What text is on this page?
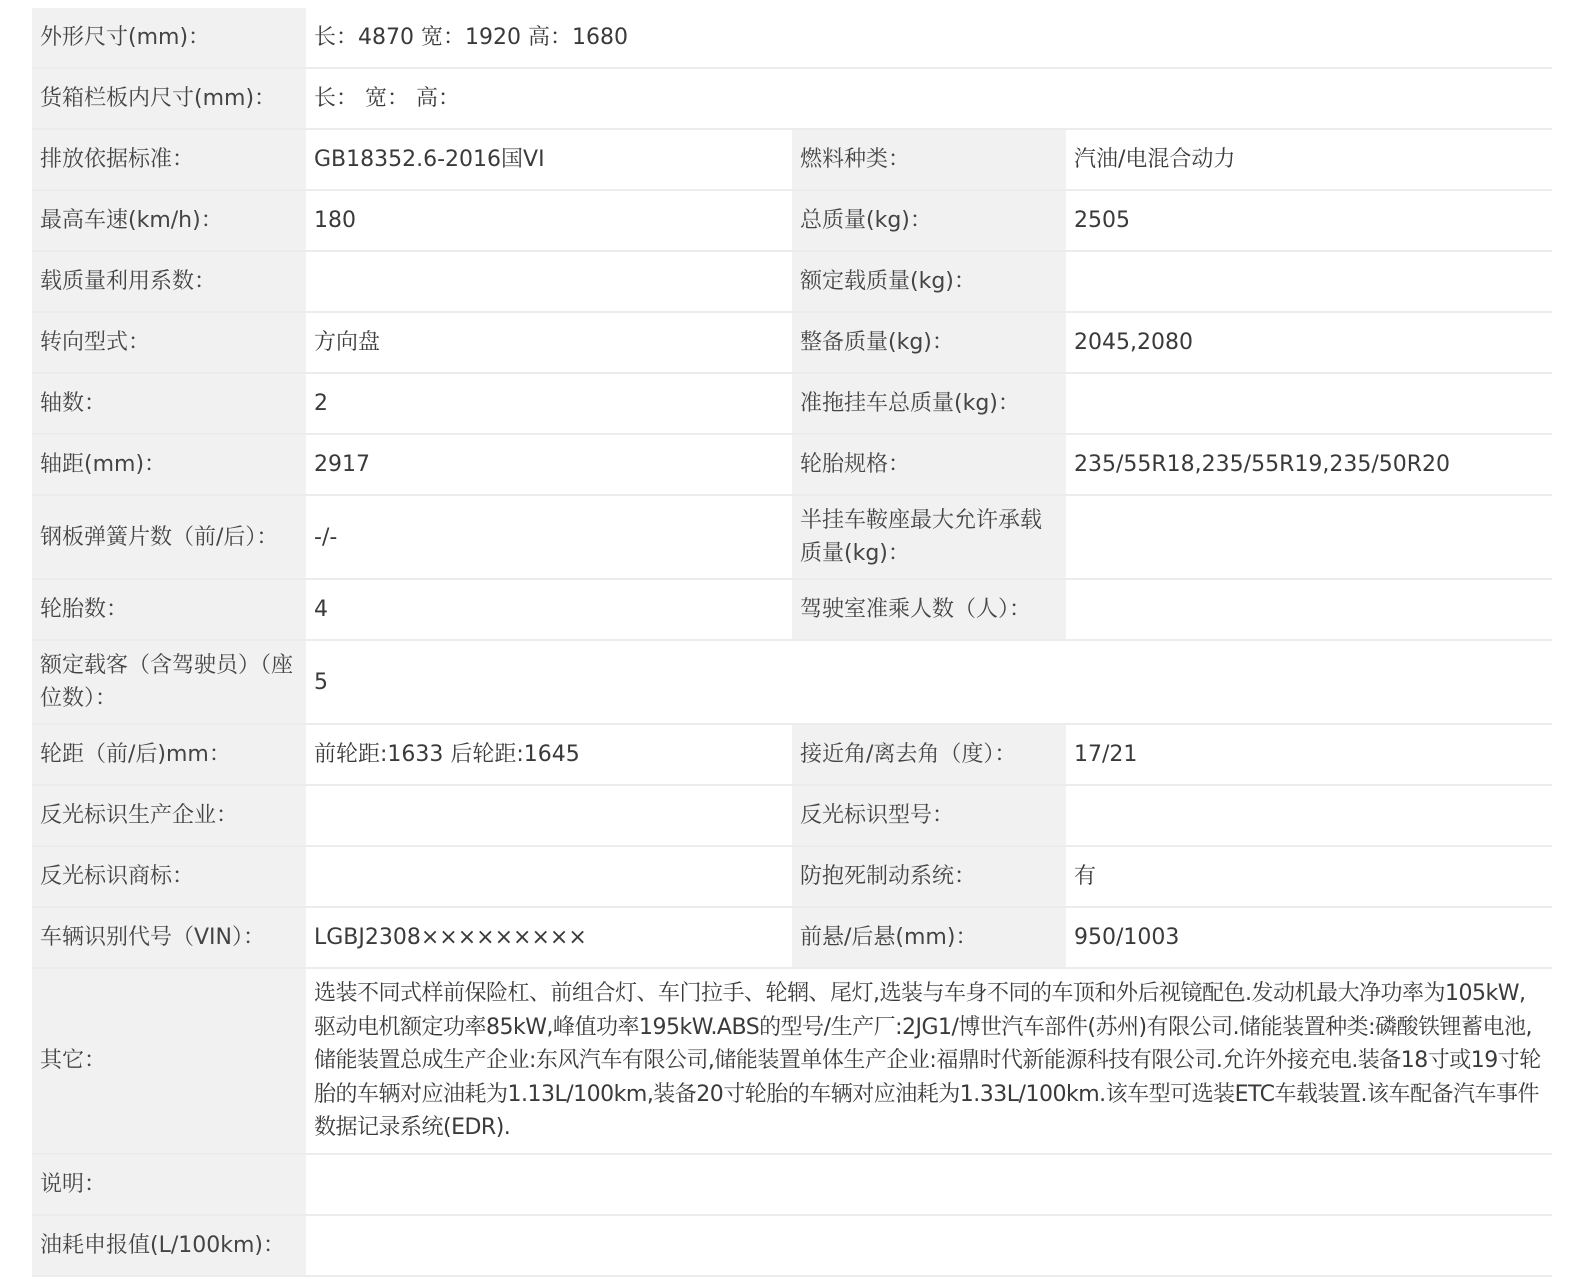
外形尺寸(mm)：	长：4870 宽：1920 高：1680		
货箱栏板内尺寸(mm)：	长： 宽： 高：		
排放依据标准：	GB18352.6-2016国VI	燃料种类：	汽油/电混合动力
最高车速(km/h)：	180	总质量(kg)：	2505
载质量利用系数：		额定载质量(kg)：	
转向型式：	方向盘	整备质量(kg)：	2045,2080
轴数：	2	准拖挂车总质量(kg)：	
轴距(mm)：	2917	轮胎规格：	235/55R18,235/55R19,235/50R20
钢板弹簧片数（前/后）：	-/-	半挂车鞍座最大允许承载质量(kg)：	
轮胎数：	4	驾驶室准乘人数（人）：	
额定载客（含驾驶员）（座位数）：	5		
轮距（前/后)mm：	前轮距:1633 后轮距:1645	接近角/离去角（度）：	17/21
反光标识生产企业：		反光标识型号：	
反光标识商标：		防抱死制动系统：	有
车辆识别代号（VIN）：	LGBJ2308×××××××××	前悬/后悬(mm)：	950/1003
其它：	选装不同式样前保险杠、前组合灯、车门拉手、轮辋、尾灯,选装与车身不同的车顶和外后视镜配色.发动机最大净功率为105kW,驱动电机额定功率85kW,峰值功率195kW.ABS的型号/生产厂:2JG1/博世汽车部件(苏州)有限公司.储能装置种类:磷酸铁锂蓄电池,储能装置总成生产企业:东风汽车有限公司,储能装置单体生产企业:福鼎时代新能源科技有限公司.允许外接充电.装备18寸或19寸轮胎的车辆对应油耗为1.13L/100km,装备20寸轮胎的车辆对应油耗为1.33L/100km.该车型可选装ETC车载装置.该车配备汽车事件数据记录系统(EDR).		
说明：			
油耗申报值(L/100km)：			
